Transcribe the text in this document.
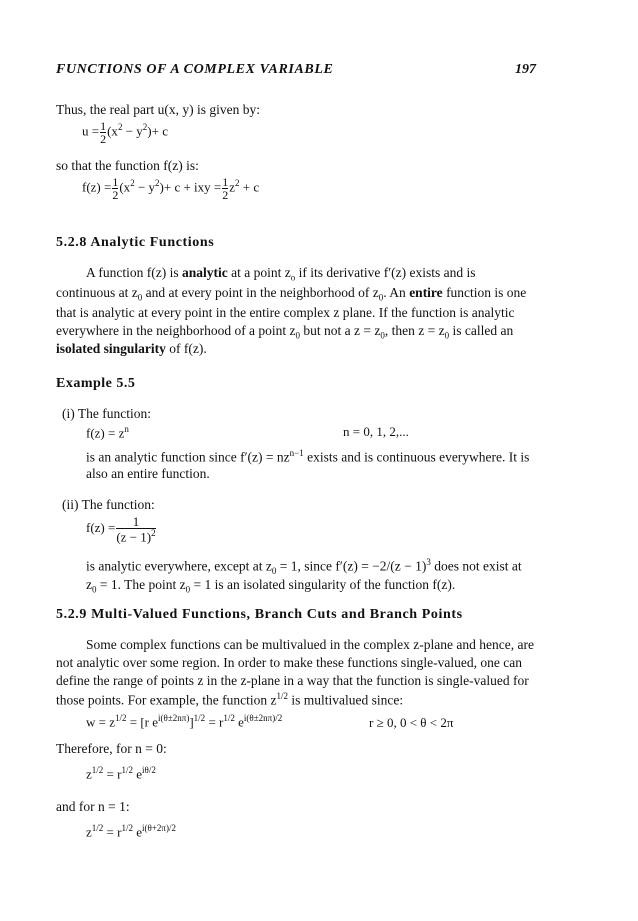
FUNCTIONS OF A COMPLEX VARIABLE	197
Thus, the real part u(x, y) is given by:
$u = \frac{1}{2} (x^2 - y^2)+ c$
so that the function f(z) is:
$f(z) = \frac{1}{2} (x^2 - y^2)+ c$ + ixy = $\frac{1}{2} z^2 + c$
5.2.8 Analytic Functions
A function f(z) is analytic at a point $z_o$ if its derivative f′(z) exists and is
continuous at $z_0$ and at every point in the neighborhood of $z_0$. An entire function is one
that is analytic at every point in the entire complex z plane. If the function is analytic
everywhere in the neighborhood of a point $z_0$ but not a $z = z_0$, then $z = z_0$ is called an
isolated singularity of f(z).
Example 5.5
(i) The function:
$f(z) = z^n$	n = 0, 1, 2,...
is an analytic function since $f'(z) = nz^{n-1}$ exists and is continuous everywhere. It is
also an entire function.
(ii) The function:
$f(z) = \frac{1}{(z - 1)^2}$
is analytic everywhere, except at $z_0 = 1$, since $f'(z) = -2/(z - 1)^3$ does not exist at
$z_0 = 1$. The point $z_0 = 1$ is an isolated singularity of the function f(z).
5.2.9 Multi-Valued Functions, Branch Cuts and Branch Points
Some complex functions can be multivalued in the complex z-plane and hence, are
not analytic over some region. In order to make these functions single-valued, one can
define the range of points z in the z-plane in a way that the function is single-valued for
those points. For example, the function $z^{1/2}$ is multivalued since:
$w = z^{1/2} = [r$ $e^{i(\theta\pm 2n\pi)}]^{1/2} = r^{1/2}$ $e^{i(\theta\pm 2n\pi)/2}$	r ≥ 0, 0 < θ < 2π
Therefore, for n = 0:
$z^{1/2} = r^{1/2}$ $e^{i\theta/2}$
and for n = 1:
$z^{1/2} = r^{1/2}$ $e^{i(\theta+2\pi)/2}$
